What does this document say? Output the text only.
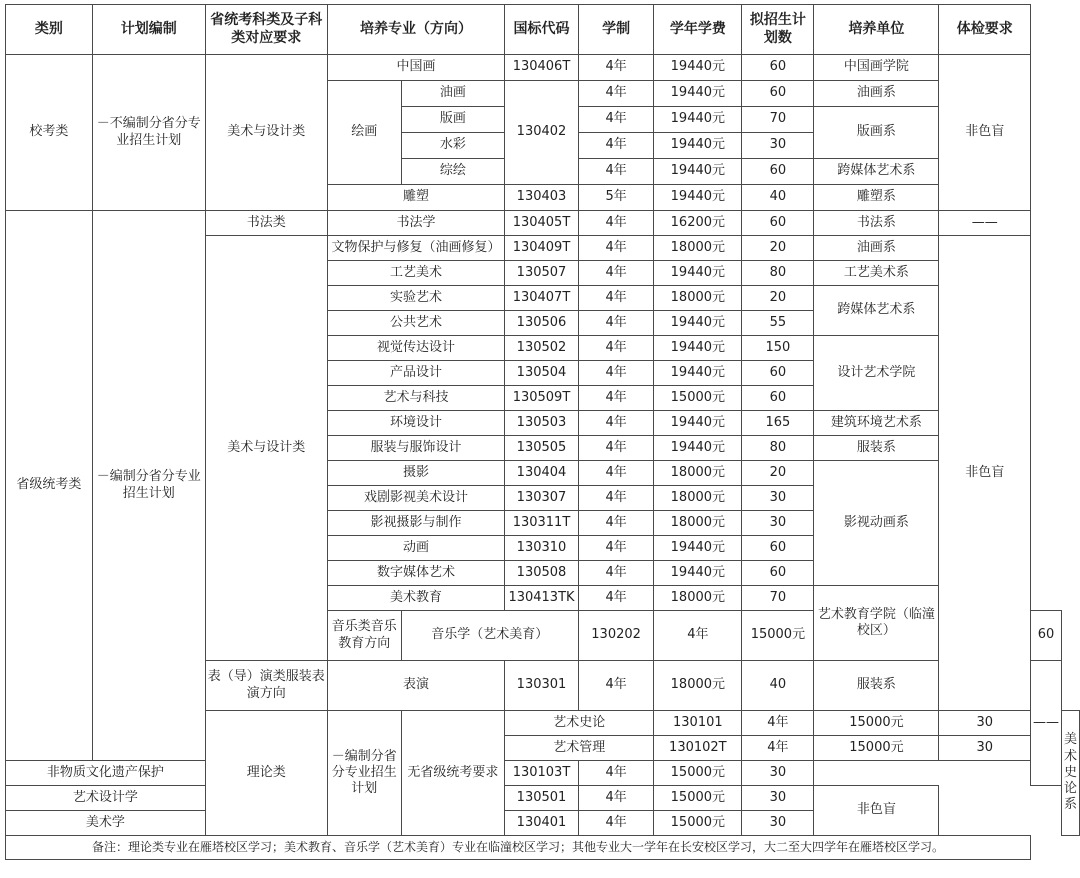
类别	计划编制	省统考科类及子科类对应要求	培养专业（方向）		国标代码	学制	学年学费	拟招生计划数	培养单位	体检要求		
校考类	－不编制分省分专业招生计划	美术与设计类	中国画		130406T	4年	19440元	60	中国画学院	非色盲		
			绘画	油画	130402	4年	19440元	60	油画系			
				版画		4年	19440元	70	版画系			
				水彩		4年	19440元	30				
				综绘		4年	19440元	60	跨媒体艺术系			
			雕塑		130403	5年	19440元	40	雕塑系			
省级统考类	－编制分省分专业招生计划	书法类	书法学		130405T	4年	16200元	60	书法系	——		
		美术与设计类	文物保护与修复（油画修复）		130409T	4年	18000元	20	油画系	非色盲		
			工艺美术		130507	4年	19440元	80	工艺美术系			
			实验艺术		130407T	4年	18000元	20	跨媒体艺术系			
			公共艺术		130506	4年	19440元	55				
			视觉传达设计		130502	4年	19440元	150	设计艺术学院			
			产品设计		130504	4年	19440元	60				
			艺术与科技		130509T	4年	15000元	60				
			环境设计		130503	4年	19440元	165	建筑环境艺术系			
			服装与服饰设计		130505	4年	19440元	80	服装系			
			摄影		130404	4年	18000元	20	影视动画系			
			戏剧影视美术设计		130307	4年	18000元	30				
			影视摄影与制作		130311T	4年	18000元	30				
			动画		130310	4年	19440元	60				
			数字媒体艺术		130508	4年	19440元	60				
			美术教育		130413TK	4年	18000元	70	艺术教育学院（临潼校区）			
			音乐类音乐教育方向	音乐学（艺术美育）		130202	4年	15000元			60	
		表（导）演类服装表演方向	表演		130301	4年	18000元	40	服装系		——	
		理论类	－编制分省分专业招生计划	无省级统考要求	艺术史论		130101	4年	15000元	30		美术史论系
					艺术管理		130102T	4年	15000元	30		
非物质文化遗产保护					130103T	4年	15000元	30				
艺术设计学					130501	4年	15000元	30	非色盲			
美术学					130401	4年	15000元	30				
备注：理论类专业在雁塔校区学习；美术教育、音乐学（艺术美育）专业在临潼校区学习；其他专业大一学年在长安校区学习，大二至大四学年在雁塔校区学习。												
